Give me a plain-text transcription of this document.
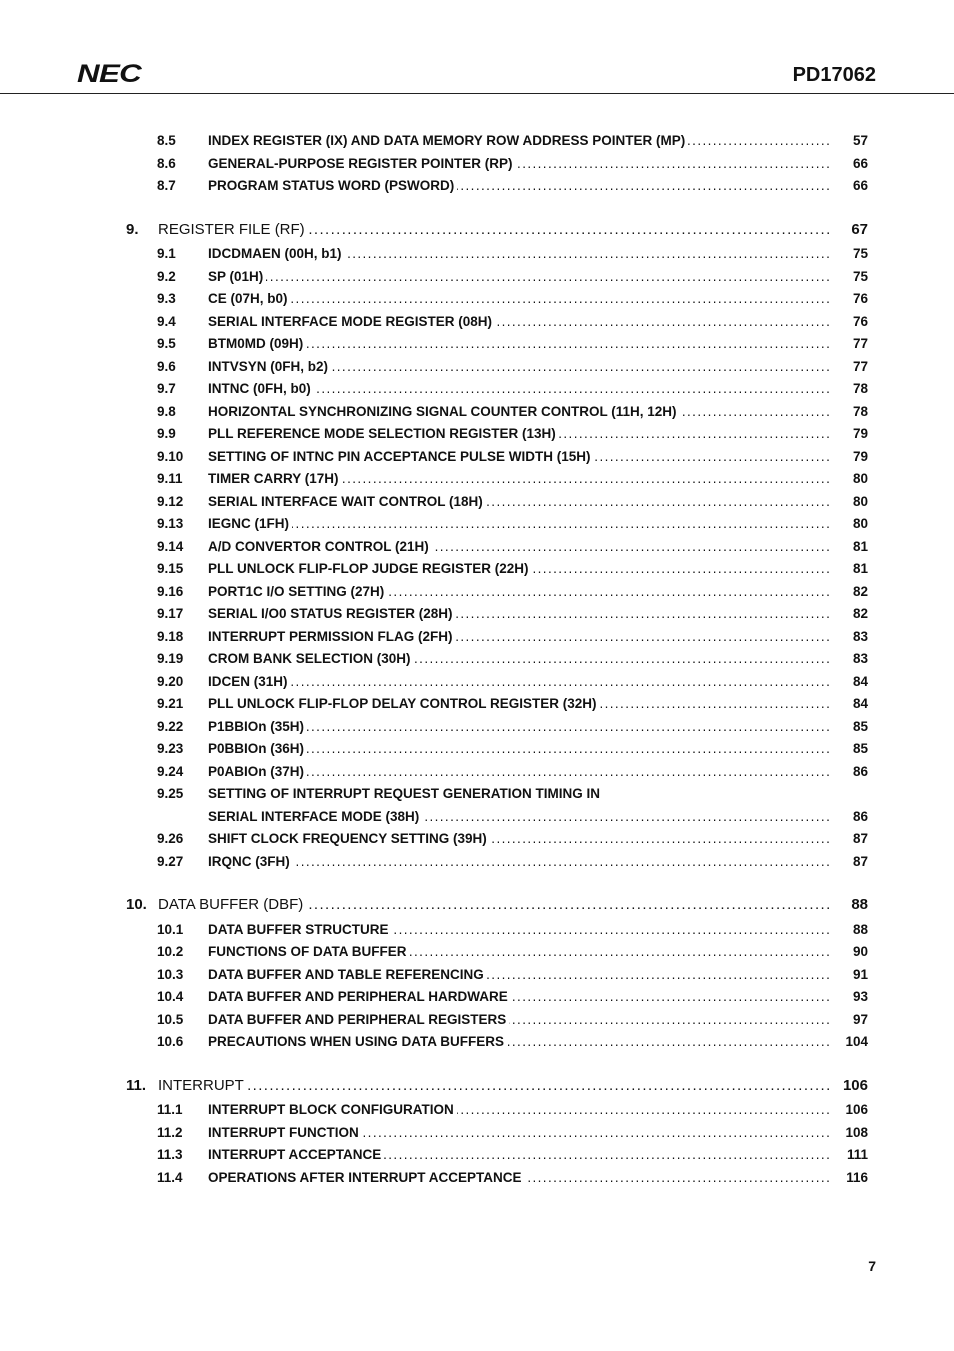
NEC	PD17062
8.5 INDEX REGISTER (IX) AND DATA MEMORY ROW ADDRESS POINTER (MP) .....	57
8.6 GENERAL-PURPOSE REGISTER POINTER (RP) .....	66
8.7 PROGRAM STATUS WORD (PSWORD) .....	66
9. REGISTER FILE (RF) .....	67
9.1 IDCDMAEN (00H, b1) .....	75
9.2 SP (01H) .....	75
9.3 CE (07H, b0) .....	76
9.4 SERIAL INTERFACE MODE REGISTER (08H) .....	76
9.5 BTM0MD (09H) .....	77
9.6 INTVSYN (0FH, b2) .....	77
9.7 INTNC (0FH, b0) .....	78
9.8 HORIZONTAL SYNCHRONIZING SIGNAL COUNTER CONTROL (11H, 12H) .....	78
9.9 PLL REFERENCE MODE SELECTION REGISTER (13H) .....	79
9.10 SETTING OF INTNC PIN ACCEPTANCE PULSE WIDTH (15H) .....	79
9.11 TIMER CARRY (17H) .....	80
9.12 SERIAL INTERFACE WAIT CONTROL (18H) .....	80
9.13 IEGNC (1FH) .....	80
9.14 A/D CONVERTOR CONTROL (21H) .....	81
9.15 PLL UNLOCK FLIP-FLOP JUDGE REGISTER (22H) .....	81
9.16 PORT1C I/O SETTING (27H) .....	82
9.17 SERIAL I/O0 STATUS REGISTER (28H) .....	82
9.18 INTERRUPT PERMISSION FLAG (2FH) .....	83
9.19 CROM BANK SELECTION (30H) .....	83
9.20 IDCEN (31H) .....	84
9.21 PLL UNLOCK FLIP-FLOP DELAY CONTROL REGISTER (32H) .....	84
9.22 P1BBIOn (35H) .....	85
9.23 P0BBIOn (36H) .....	85
9.24 P0ABIOn (37H) .....	86
9.25 SETTING OF INTERRUPT REQUEST GENERATION TIMING IN
SERIAL INTERFACE MODE (38H) .....	86
9.26 SHIFT CLOCK FREQUENCY SETTING (39H) .....	87
9.27 IRQNC (3FH) .....	87
10. DATA BUFFER (DBF) .....	88
10.1 DATA BUFFER STRUCTURE .....	88
10.2 FUNCTIONS OF DATA BUFFER .....	90
10.3 DATA BUFFER AND TABLE REFERENCING .....	91
10.4 DATA BUFFER AND PERIPHERAL HARDWARE .....	93
10.5 DATA BUFFER AND PERIPHERAL REGISTERS .....	97
10.6 PRECAUTIONS WHEN USING DATA BUFFERS .....	104
11. INTERRUPT .....	106
11.1 INTERRUPT BLOCK CONFIGURATION .....	106
11.2 INTERRUPT FUNCTION .....	108
11.3 INTERRUPT ACCEPTANCE .....	111
11.4 OPERATIONS AFTER INTERRUPT ACCEPTANCE .....	116
7
